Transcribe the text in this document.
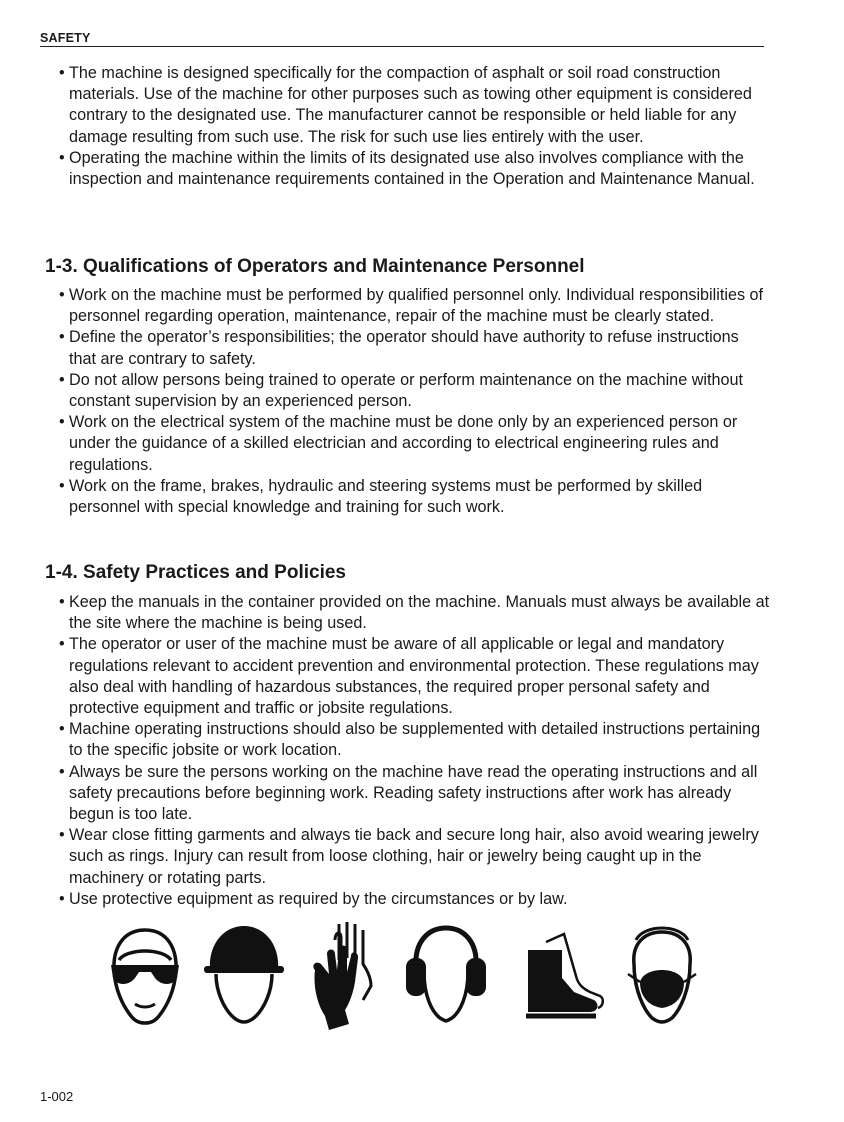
SAFETY
• The machine is designed specifically for the compaction of asphalt or soil road construction materials. Use of the machine for other purposes such as towing other equipment is considered contrary to the designated use. The manufacturer cannot be responsible or held liable for any damage resulting from such use. The risk for such use lies entirely with the user.
• Operating the machine within the limits of its designated use also involves compliance with the inspection and maintenance requirements contained in the Operation and Maintenance Manual.
1-3. Qualifications of Operators and Maintenance Personnel
• Work on the machine must be performed by qualified personnel only. Individual responsibilities of personnel regarding operation, maintenance, repair of the machine must be clearly stated.
• Define the operator’s responsibilities; the operator should have authority to refuse instructions that are contrary to safety.
• Do not allow persons being trained to operate or perform maintenance on the machine without constant supervision by an experienced person.
• Work on the electrical system of the machine must be done only by an experienced person or under the guidance of a skilled electrician and according to electrical engineering rules and regulations.
• Work on the frame, brakes, hydraulic and steering systems must be performed by skilled personnel with special knowledge and training for such work.
1-4. Safety Practices and Policies
• Keep the manuals in the container provided on the machine. Manuals must always be available at the site where the machine is being used.
• The operator or user of the machine must be aware of all applicable or legal and mandatory regulations relevant to accident prevention and environmental protection. These regulations may also deal with handling of hazardous substances, the required proper personal safety and protective equipment and traffic or jobsite regulations.
• Machine operating instructions should also be supplemented with detailed instructions pertaining to the specific jobsite or work location.
• Always be sure the persons working on the machine have read the operating instructions and all safety precautions before beginning work. Reading safety instructions after work has already begun is too late.
• Wear close fitting garments and always tie back and secure long hair, also avoid wearing jewelry such as rings. Injury can result from loose clothing, hair or jewelry being caught up in the machinery or rotating parts.
• Use protective equipment as required by the circumstances or by law.
1-002
